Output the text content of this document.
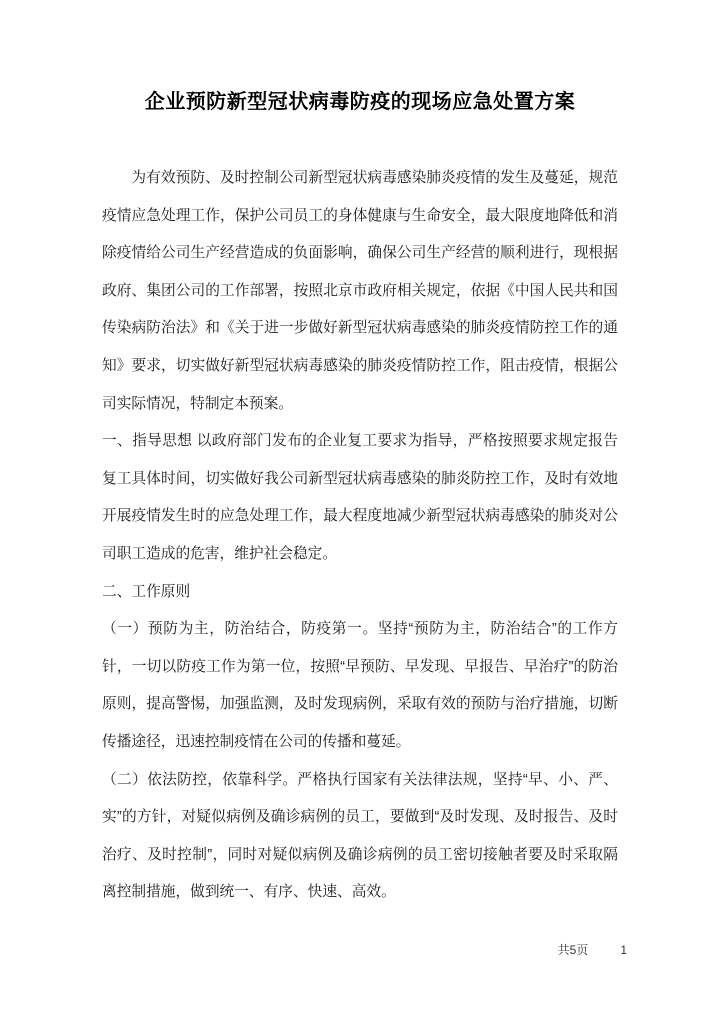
企业预防新型冠状病毒防疫的现场应急处置方案

为有效预防、及时控制公司新型冠状病毒感染肺炎疫情的发生及蔓延，规范疫情应急处理工作，保护公司员工的身体健康与生命安全，最大限度地降低和消除疫情给公司生产经营造成的负面影响，确保公司生产经营的顺利进行，现根据政府、集团公司的工作部署，按照北京市政府相关规定，依据《中国人民共和国传染病防治法》和《关于进一步做好新型冠状病毒感染的肺炎疫情防控工作的通知》要求，切实做好新型冠状病毒感染的肺炎疫情防控工作，阻击疫情，根据公司实际情况，特制定本预案。

一、指导思想 以政府部门发布的企业复工要求为指导，严格按照要求规定报告复工具体时间，切实做好我公司新型冠状病毒感染的肺炎防控工作，及时有效地开展疫情发生时的应急处理工作，最大程度地减少新型冠状病毒感染的肺炎对公司职工造成的危害，维护社会稳定。

二、工作原则

（一）预防为主，防治结合，防疫第一。坚持“预防为主，防治结合”的工作方针，一切以防疫工作为第一位，按照“早预防、早发现、早报告、早治疗”的防治原则，提高警惕，加强监测，及时发现病例，采取有效的预防与治疗措施，切断传播途径，迅速控制疫情在公司的传播和蔓延。

（二）依法防控，依靠科学。严格执行国家有关法律法规，坚持“早、小、严、实”的方针，对疑似病例及确诊病例的员工，要做到“及时发现、及时报告、及时治疗、及时控制”，同时对疑似病例及确诊病例的员工密切接触者要及时采取隔离控制措施，做到统一、有序、快速、高效。

共5页	1
